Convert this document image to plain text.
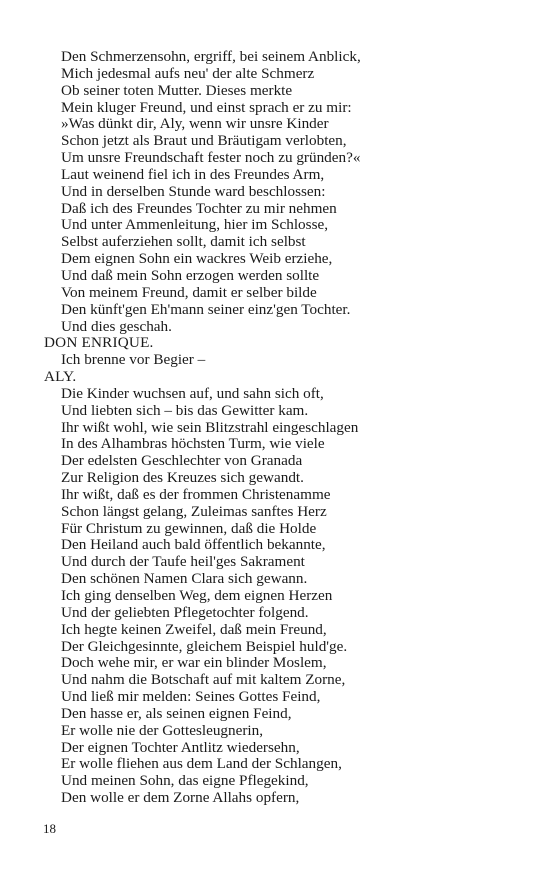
Den Schmerzensohn, ergriff, bei seinem Anblick,
Mich jedesmal aufs neu' der alte Schmerz
Ob seiner toten Mutter. Dieses merkte
Mein kluger Freund, und einst sprach er zu mir:
»Was dünkt dir, Aly, wenn wir unsre Kinder
Schon jetzt als Braut und Bräutigam verlobten,
Um unsre Freundschaft fester noch zu gründen?«
Laut weinend fiel ich in des Freundes Arm,
Und in derselben Stunde ward beschlossen:
Daß ich des Freundes Tochter zu mir nehmen
Und unter Ammenleitung, hier im Schlosse,
Selbst auferziehen sollt, damit ich selbst
Dem eignen Sohn ein wackres Weib erziehe,
Und daß mein Sohn erzogen werden sollte
Von meinem Freund, damit er selber bilde
Den künft'gen Eh'mann seiner einz'gen Tochter.
Und dies geschah.
DON ENRIQUE.
Ich brenne vor Begier –
ALY.
Die Kinder wuchsen auf, und sahn sich oft,
Und liebten sich – bis das Gewitter kam.
Ihr wißt wohl, wie sein Blitzstrahl eingeschlagen
In des Alhambras höchsten Turm, wie viele
Der edelsten Geschlechter von Granada
Zur Religion des Kreuzes sich gewandt.
Ihr wißt, daß es der frommen Christenamme
Schon längst gelang, Zuleimas sanftes Herz
Für Christum zu gewinnen, daß die Holde
Den Heiland auch bald öffentlich bekannte,
Und durch der Taufe heil'ges Sakrament
Den schönen Namen Clara sich gewann.
Ich ging denselben Weg, dem eignen Herzen
Und der geliebten Pflegetochter folgend.
Ich hegte keinen Zweifel, daß mein Freund,
Der Gleichgesinnte, gleichem Beispiel huld'ge.
Doch wehe mir, er war ein blinder Moslem,
Und nahm die Botschaft auf mit kaltem Zorne,
Und ließ mir melden: Seines Gottes Feind,
Den hasse er, als seinen eignen Feind,
Er wolle nie der Gottesleugnerin,
Der eignen Tochter Antlitz wiedersehn,
Er wolle fliehen aus dem Land der Schlangen,
Und meinen Sohn, das eigne Pflegekind,
Den wolle er dem Zorne Allahs opfern,
18
